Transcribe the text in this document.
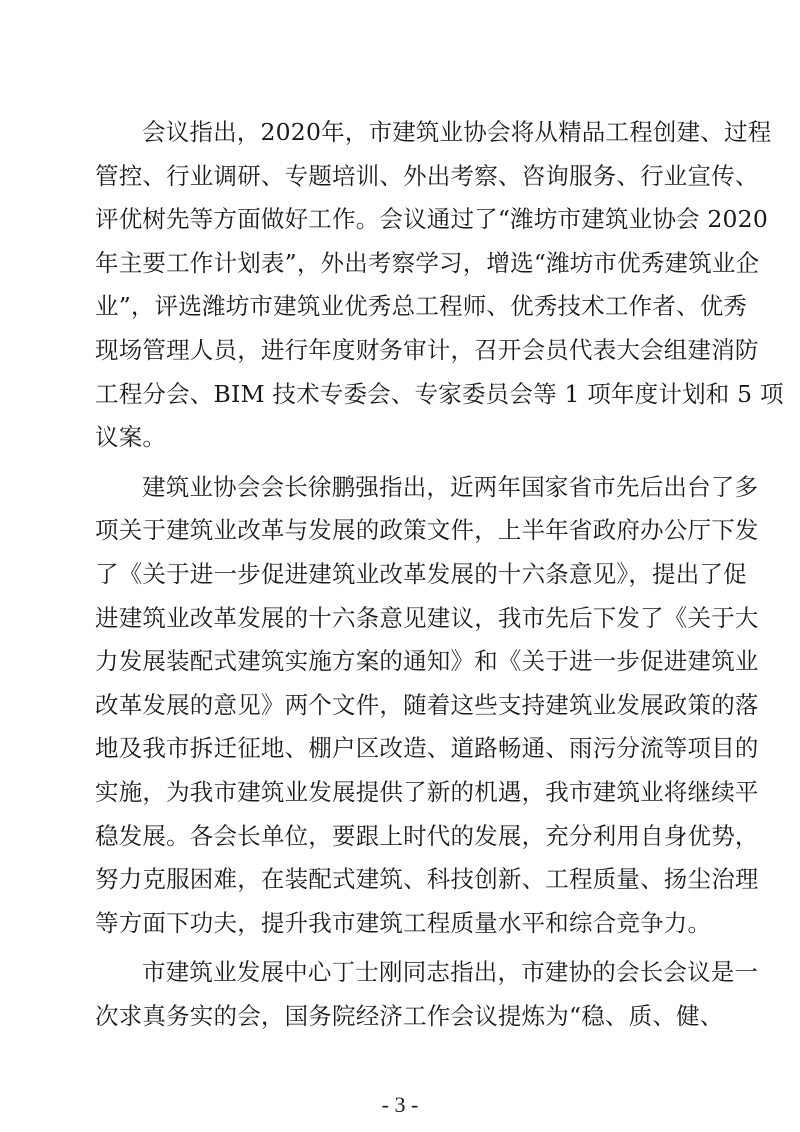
会议指出，2020年，市建筑业协会将从精品工程创建、过程
管控、行业调研、专题培训、外出考察、咨询服务、行业宣传、
评优树先等方面做好工作。会议通过了“潍坊市建筑业协会 2020
年主要工作计划表”，外出考察学习，增选“潍坊市优秀建筑业企
业”，评选潍坊市建筑业优秀总工程师、优秀技术工作者、优秀
现场管理人员，进行年度财务审计，召开会员代表大会组建消防
工程分会、BIM 技术专委会、专家委员会等 1 项年度计划和 5 项
议案。
建筑业协会会长徐鹏强指出，近两年国家省市先后出台了多
项关于建筑业改革与发展的政策文件，上半年省政府办公厅下发
了《关于进一步促进建筑业改革发展的十六条意见》，提出了促
进建筑业改革发展的十六条意见建议，我市先后下发了《关于大
力发展装配式建筑实施方案的通知》和《关于进一步促进建筑业
改革发展的意见》两个文件，随着这些支持建筑业发展政策的落
地及我市拆迁征地、棚户区改造、道路畅通、雨污分流等项目的
实施，为我市建筑业发展提供了新的机遇，我市建筑业将继续平
稳发展。各会长单位，要跟上时代的发展，充分利用自身优势，
努力克服困难，在装配式建筑、科技创新、工程质量、扬尘治理
等方面下功夫，提升我市建筑工程质量水平和综合竞争力。
市建筑业发展中心丁士刚同志指出，市建协的会长会议是一
次求真务实的会，国务院经济工作会议提炼为“稳、质、健、
- 3 -
